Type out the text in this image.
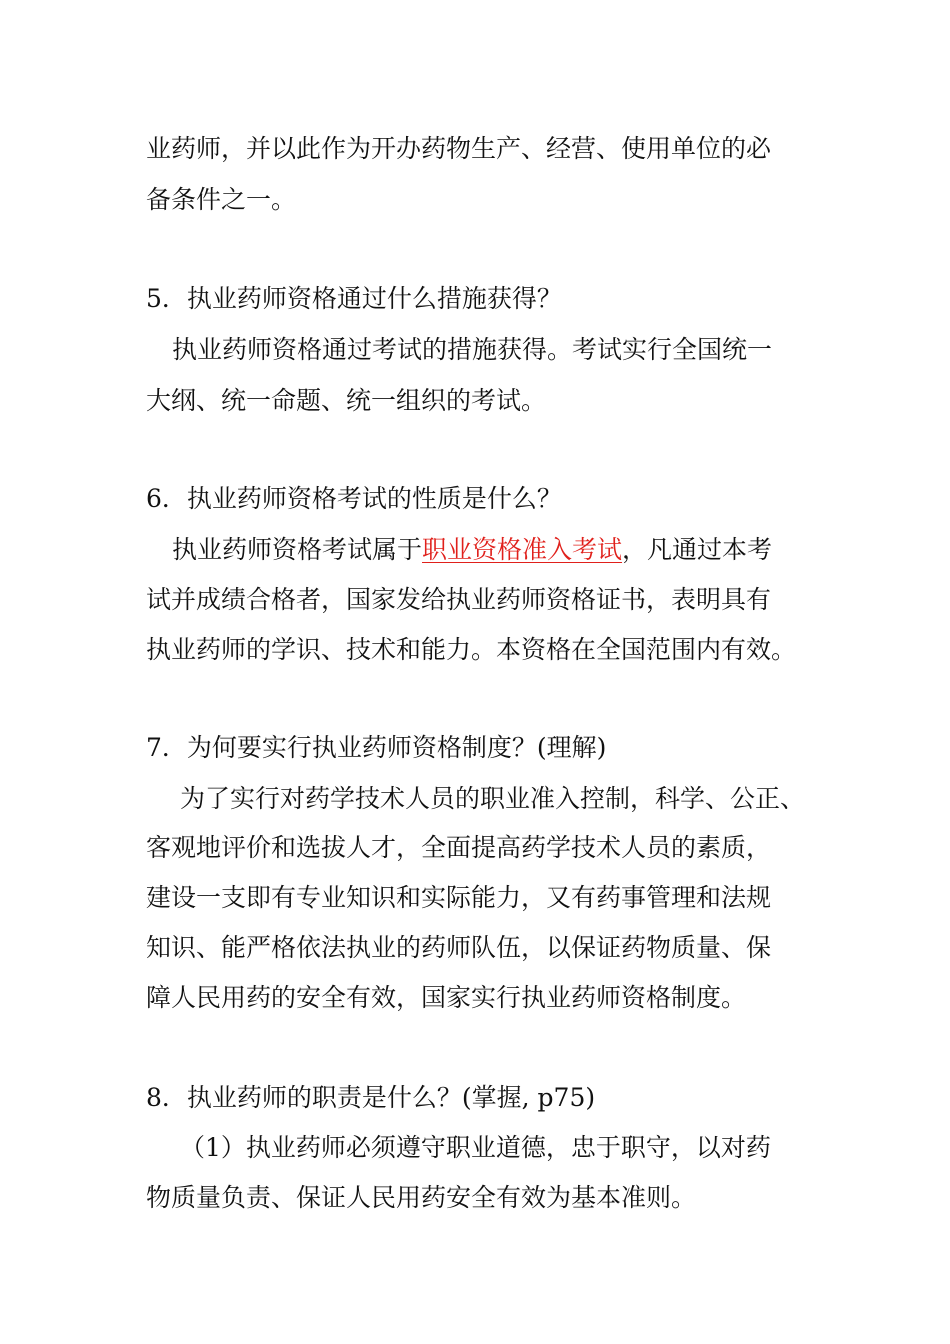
业药师，并以此作为开办药物生产、经营、使用单位的必
备条件之一。
5．执业药师资格通过什么措施获得？
执业药师资格通过考试的措施获得。考试实行全国统一
大纲、统一命题、统一组织的考试。
6．执业药师资格考试的性质是什么？
执业药师资格考试属于职业资格准入考试，凡通过本考
试并成绩合格者，国家发给执业药师资格证书，表明具有
执业药师的学识、技术和能力。本资格在全国范围内有效。
7．为何要实行执业药师资格制度？(理解)
为了实行对药学技术人员的职业准入控制，科学、公正、
客观地评价和选拔人才，全面提高药学技术人员的素质，
建设一支即有专业知识和实际能力，又有药事管理和法规
知识、能严格依法执业的药师队伍，以保证药物质量、保
障人民用药的安全有效，国家实行执业药师资格制度。
8．执业药师的职责是什么？(掌握, p75)
（1）执业药师必须遵守职业道德，忠于职守，以对药
物质量负责、保证人民用药安全有效为基本准则。
